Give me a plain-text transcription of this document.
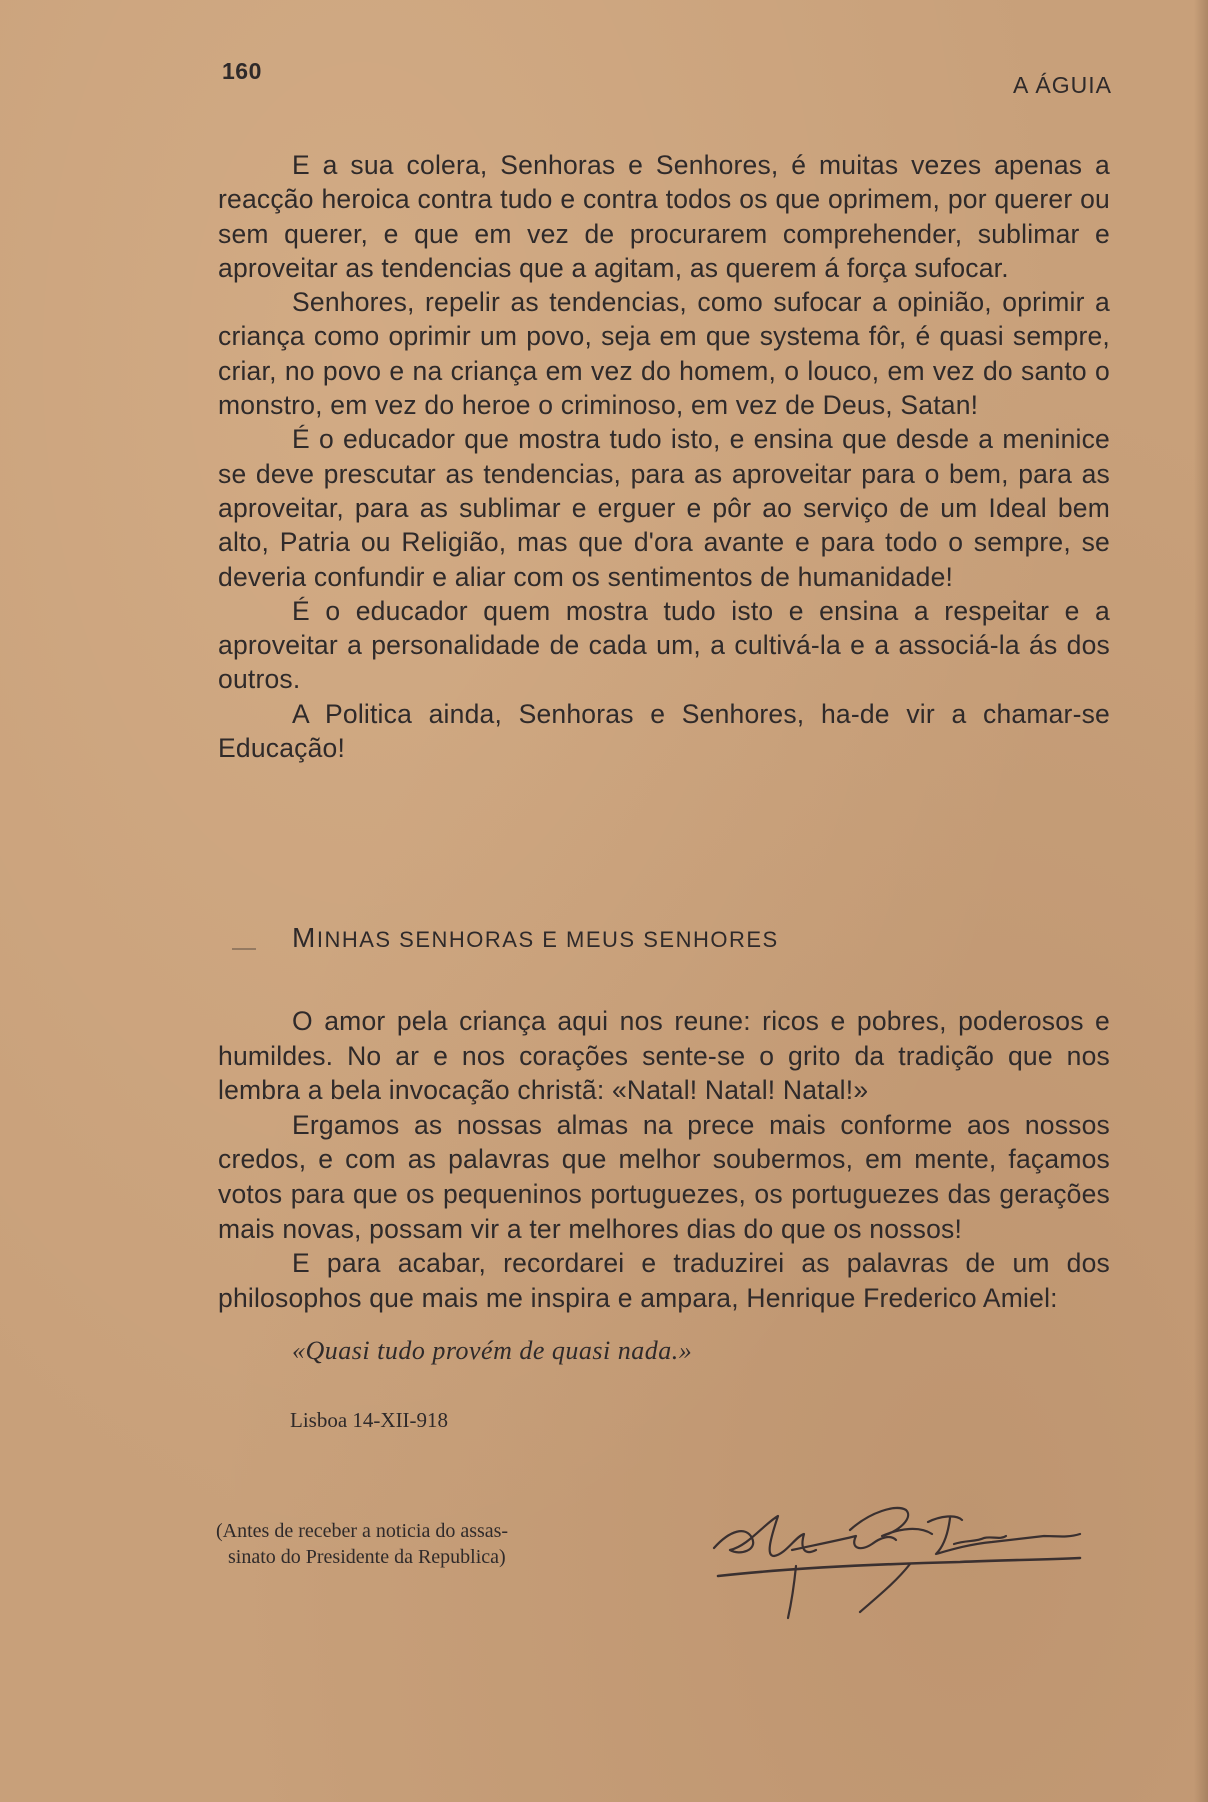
160
A ÁGUIA

E a sua colera, Senhoras e Senhores, é muitas vezes apenas a reacção heroica contra tudo e contra todos os que oprimem, por querer ou sem querer, e que em vez de procurarem comprehender, sublimar e aproveitar as tendencias que a agitam, as querem á força sufocar.

Senhores, repelir as tendencias, como sufocar a opinião, oprimir a criança como oprimir um povo, seja em que systema fôr, é quasi sempre, criar, no povo e na criança em vez do homem, o louco, em vez do santo o monstro, em vez do heroe o criminoso, em vez de Deus, Satan!

É o educador que mostra tudo isto, e ensina que desde a meninice se deve prescutar as tendencias, para as aproveitar para o bem, para as aproveitar, para as sublimar e erguer e pôr ao serviço de um Ideal bem alto, Patria ou Religião, mas que d'ora avante e para todo o sempre, se deveria confundir e aliar com os sentimentos de humanidade!

É o educador quem mostra tudo isto e ensina a respeitar e a aproveitar a personalidade de cada um, a cultivá-la e a associá-la ás dos outros.

A Politica ainda, Senhoras e Senhores, ha-de vir a chamar-se Educação!

MINHAS SENHORAS E MEUS SENHORES

O amor pela criança aqui nos reune: ricos e pobres, poderosos e humildes. No ar e nos corações sente-se o grito da tradição que nos lembra a bela invocação christã: «Natal! Natal! Natal!»

Ergamos as nossas almas na prece mais conforme aos nossos credos, e com as palavras que melhor soubermos, em mente, façamos votos para que os pequeninos portuguezes, os portuguezes das gerações mais novas, possam vir a ter melhores dias do que os nossos!

E para acabar, recordarei e traduzirei as palavras de um dos philosophos que mais me inspira e ampara, Henrique Frederico Amiel:

«Quasi tudo provém de quasi nada.»
Lisboa 14-XII-918
(Antes de receber a noticia do assas-

sinato do Presidente da Republica)
